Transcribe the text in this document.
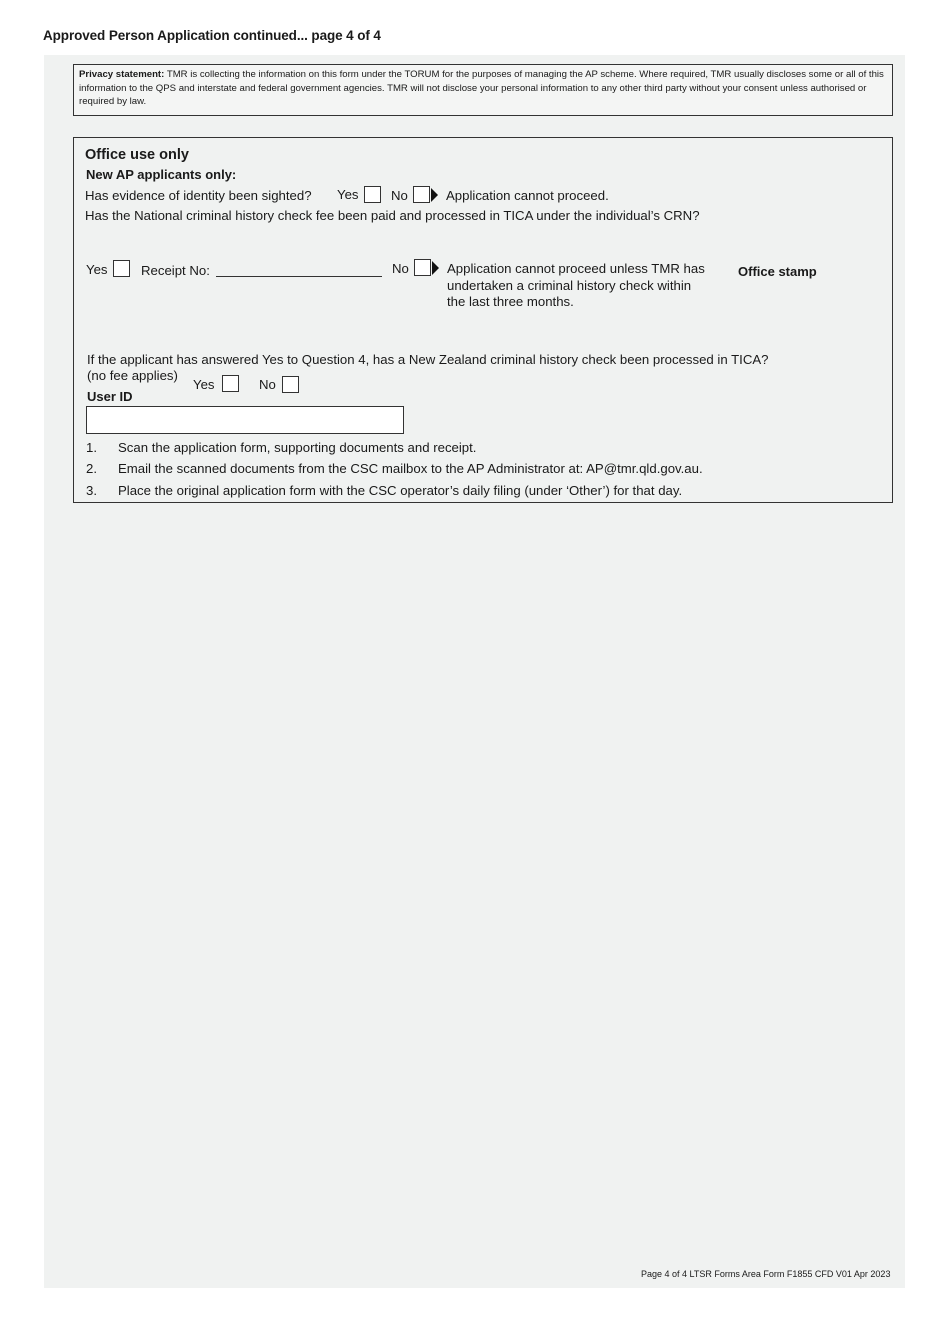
Approved Person Application continued... page 4 of 4
Privacy statement: TMR is collecting the information on this form under the TORUM for the purposes of managing the AP scheme. Where required, TMR usually discloses some or all of this information to the QPS and interstate and federal government agencies. TMR will not disclose your personal information to any other third party without your consent unless authorised or required by law.
Office use only
New AP applicants only:
Has evidence of identity been sighted? Yes No	Application cannot proceed.
Has the National criminal history check fee been paid and processed in TICA under the individual’s CRN?
Yes	Receipt No:	No	Application cannot proceed unless TMR has
undertaken a criminal history check within
the last three months.
Office stamp
If the applicant has answered Yes to Question 4, has a New Zealand criminal history check been processed in TICA?
(no fee applies)
Yes	No
User ID
1. Scan the application form, supporting documents and receipt.
2. Email the scanned documents from the CSC mailbox to the AP Administrator at: AP@tmr.qld.gov.au.
3. Place the original application form with the CSC operator’s daily filing (under ‘Other’) for that day.
Page 4 of 4 LTSR Forms Area Form F1855 CFD V01 Apr 2023
